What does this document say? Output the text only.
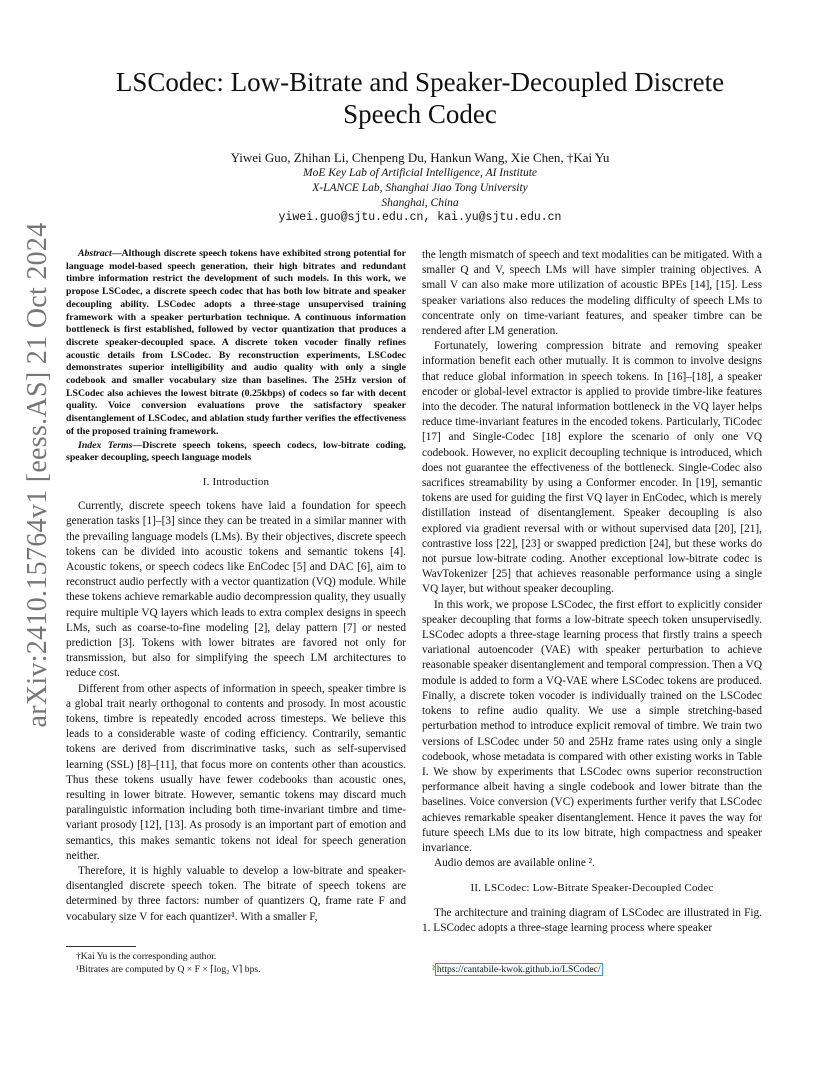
arXiv:2410.15764v1 [eess.AS] 21 Oct 2024
LSCodec: Low-Bitrate and Speaker-Decoupled Discrete Speech Codec
Yiwei Guo, Zhihan Li, Chenpeng Du, Hankun Wang, Xie Chen, †Kai Yu
MoE Key Lab of Artificial Intelligence, AI Institute
X-LANCE Lab, Shanghai Jiao Tong University
Shanghai, China
yiwei.guo@sjtu.edu.cn, kai.yu@sjtu.edu.cn
Abstract—Although discrete speech tokens have exhibited strong potential for language model-based speech generation, their high bitrates and redundant timbre information restrict the development of such models. In this work, we propose LSCodec, a discrete speech codec that has both low bitrate and speaker decoupling ability. LSCodec adopts a three-stage unsupervised training framework with a speaker perturbation technique. A continuous information bottleneck is first established, followed by vector quantization that produces a discrete speaker-decoupled space. A discrete token vocoder finally refines acoustic details from LSCodec. By reconstruction experiments, LSCodec demonstrates superior intelligibility and audio quality with only a single codebook and smaller vocabulary size than baselines. The 25Hz version of LSCodec also achieves the lowest bitrate (0.25kbps) of codecs so far with decent quality. Voice conversion evaluations prove the satisfactory speaker disentanglement of LSCodec, and ablation study further verifies the effectiveness of the proposed training framework.
Index Terms—Discrete speech tokens, speech codecs, low-bitrate coding, speaker decoupling, speech language models
I. Introduction

Currently, discrete speech tokens have laid a foundation for speech generation tasks [1]–[3] since they can be treated in a similar manner with the prevailing language models (LMs). By their objectives, discrete speech tokens can be divided into acoustic tokens and semantic tokens [4]. Acoustic tokens, or speech codecs like EnCodec [5] and DAC [6], aim to reconstruct audio perfectly with a vector quantization (VQ) module. While these tokens achieve remarkable audio decompression quality, they usually require multiple VQ layers which leads to extra complex designs in speech LMs, such as coarse-to-fine modeling [2], delay pattern [7] or nested prediction [3]. Tokens with lower bitrates are favored not only for transmission, but also for simplifying the speech LM architectures to reduce cost.

Different from other aspects of information in speech, speaker timbre is a global trait nearly orthogonal to contents and prosody. In most acoustic tokens, timbre is repeatedly encoded across timesteps. We believe this leads to a considerable waste of coding efficiency. Contrarily, semantic tokens are derived from discriminative tasks, such as self-supervised learning (SSL) [8]–[11], that focus more on contents other than acoustics. Thus these tokens usually have fewer codebooks than acoustic ones, resulting in lower bitrate. However, semantic tokens may discard much paralinguistic information including both time-invariant timbre and time-variant prosody [12], [13]. As prosody is an important part of emotion and semantics, this makes semantic tokens not ideal for speech generation neither.

Therefore, it is highly valuable to develop a low-bitrate and speaker-disentangled discrete speech token. The bitrate of speech tokens are determined by three factors: number of quantizers Q, frame rate F and vocabulary size V for each quantizer¹. With a smaller F,

the length mismatch of speech and text modalities can be mitigated. With a smaller Q and V, speech LMs will have simpler training objectives. A small V can also make more utilization of acoustic BPEs [14], [15]. Less speaker variations also reduces the modeling difficulty of speech LMs to concentrate only on time-variant features, and speaker timbre can be rendered after LM generation.

Fortunately, lowering compression bitrate and removing speaker information benefit each other mutually. It is common to involve designs that reduce global information in speech tokens. In [16]–[18], a speaker encoder or global-level extractor is applied to provide timbre-like features into the decoder. The natural information bottleneck in the VQ layer helps reduce time-invariant features in the encoded tokens. Particularly, TiCodec [17] and Single-Codec [18] explore the scenario of only one VQ codebook. However, no explicit decoupling technique is introduced, which does not guarantee the effectiveness of the bottleneck. Single-Codec also sacrifices streamability by using a Conformer encoder. In [19], semantic tokens are used for guiding the first VQ layer in EnCodec, which is merely distillation instead of disentanglement. Speaker decoupling is also explored via gradient reversal with or without supervised data [20], [21], contrastive loss [22], [23] or swapped prediction [24], but these works do not pursue low-bitrate coding. Another exceptional low-bitrate codec is WavTokenizer [25] that achieves reasonable performance using a single VQ layer, but without speaker decoupling.

In this work, we propose LSCodec, the first effort to explicitly consider speaker decoupling that forms a low-bitrate speech token unsupervisedly. LSCodec adopts a three-stage learning process that firstly trains a speech variational autoencoder (VAE) with speaker perturbation to achieve reasonable speaker disentanglement and temporal compression. Then a VQ module is added to form a VQ-VAE where LSCodec tokens are produced. Finally, a discrete token vocoder is individually trained on the LSCodec tokens to refine audio quality. We use a simple stretching-based perturbation method to introduce explicit removal of timbre. We train two versions of LSCodec under 50 and 25Hz frame rates using only a single codebook, whose metadata is compared with other existing works in Table I. We show by experiments that LSCodec owns superior reconstruction performance albeit having a single codebook and lower bitrate than the baselines. Voice conversion (VC) experiments further verify that LSCodec achieves remarkable speaker disentanglement. Hence it paves the way for future speech LMs due to its low bitrate, high compactness and speaker invariance.

Audio demos are available online ².

II. LSCodec: Low-Bitrate Speaker-Decoupled Codec

The architecture and training diagram of LSCodec are illustrated in Fig. 1. LSCodec adopts a three-stage learning process where speaker

†Kai Yu is the corresponding author.
¹Bitrates are computed by Q × F × ⌈log₂ V⌉ bps.	² https://cantabile-kwok.github.io/LSCodec/
